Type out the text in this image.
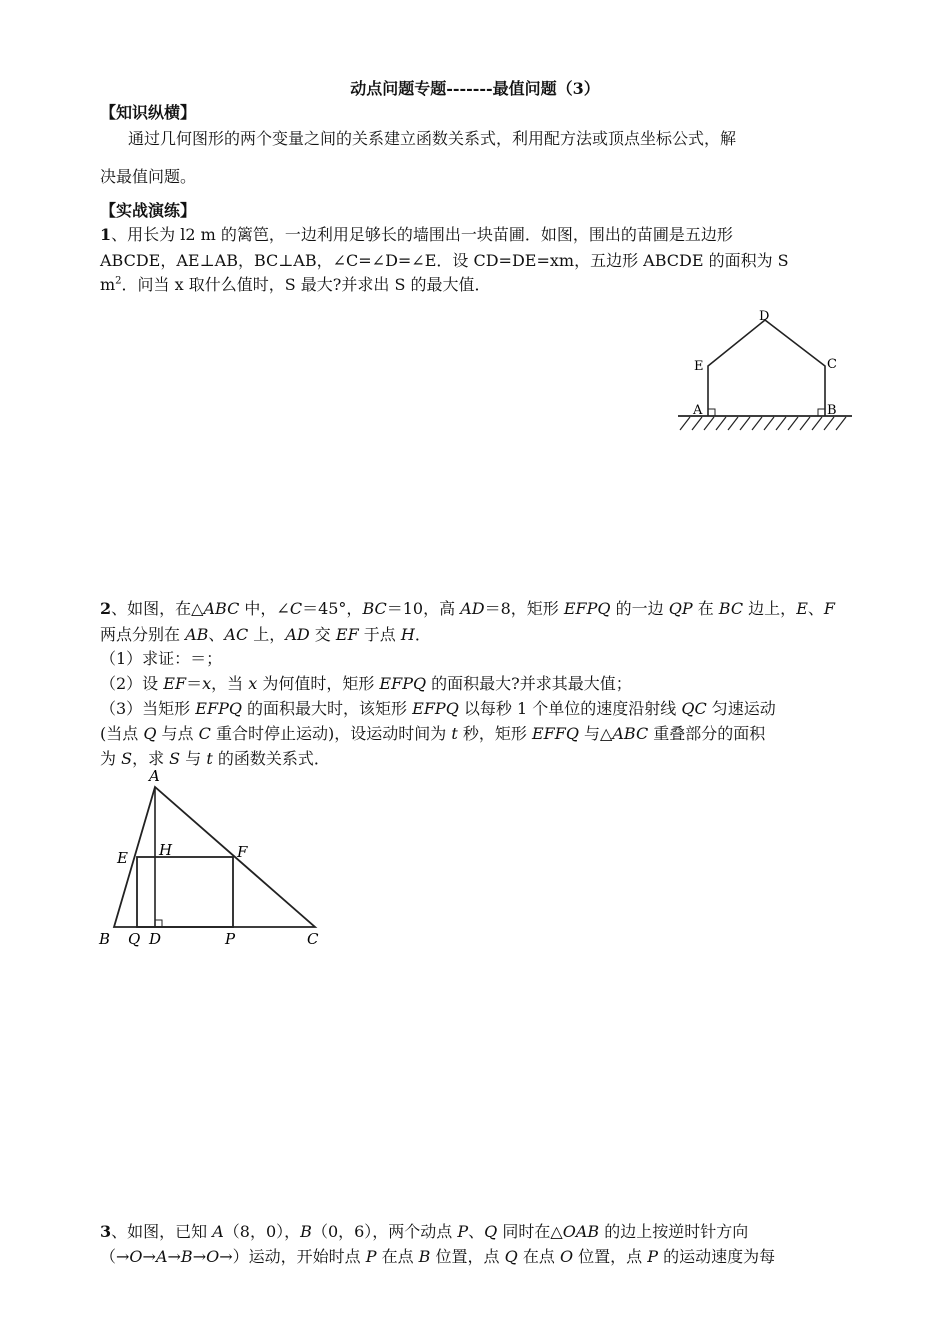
动点问题专题-------最值问题（3）
【知识纵横】
通过几何图形的两个变量之间的关系建立函数关系式，利用配方法或顶点坐标公式，解
决最值问题。
【实战演练】
1、用长为 l2 m 的篱笆，一边利用足够长的墙围出一块苗圃．如图，围出的苗圃是五边形
ABCDE，AE⊥AB，BC⊥AB，∠C=∠D=∠E．设 CD=DE=xm，五边形 ABCDE 的面积为 S
$m^2$．问当 x 取什么值时，S 最大?并求出 S 的最大值．
A	B
C
D
E
2、如图，在△ABC 中，∠C＝45°，BC＝10，高 AD＝8，矩形 EFPQ 的一边 QP 在 BC 边上，E、F
两点分别在 AB、AC 上，AD 交 EF 于点 H．
（1）求证：＝；
（2）设 EF＝x，当 x 为何值时，矩形 EFPQ 的面积最大?并求其最大值；
（3）当矩形 EFPQ 的面积最大时，该矩形 EFPQ 以每秒 1 个单位的速度沿射线 QC 匀速运动
(当点 Q 与点 C 重合时停止运动)，设运动时间为 t 秒，矩形 EFFQ 与△ABC 重叠部分的面积
为 S，求 S 与 t 的函数关系式．
A
B	C
D
E	F
H
P
Q
3、如图，已知 A（8，0），B（0，6），两个动点 P、Q 同时在△OAB 的边上按逆时针方向
（→O→A→B→O→）运动，开始时点 P 在点 B 位置，点 Q 在点 O 位置，点 P 的运动速度为每
